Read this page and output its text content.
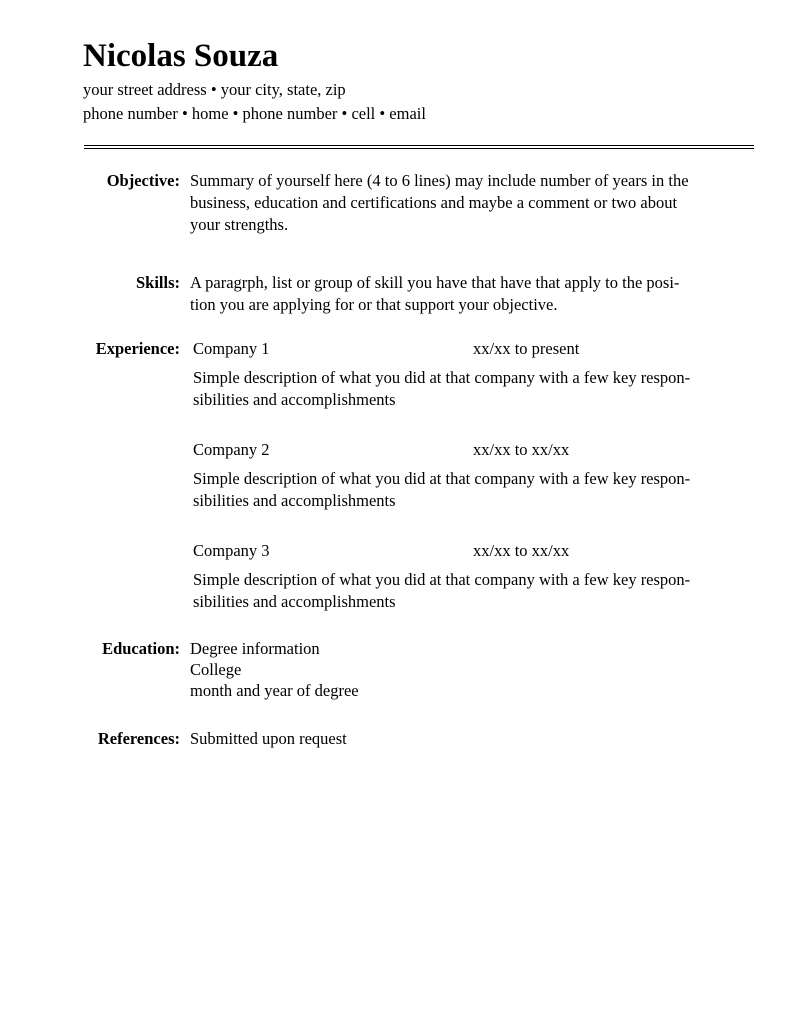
Nicolas Souza

your street address • your city, state, zip

phone number • home • phone number • cell • email

Objective: Summary of yourself here (4 to 6 lines) may include number of years in the
business, education and certifications and maybe a comment or two about
your strengths.
Skills: A paragrph, list or group of skill you have that have that apply to the posi-
tion you are applying for or that support your objective.
Experience: Company 1	xx/xx to present
Simple description of what you did at that company with a few key respon-
sibilities and accomplishments
Company 2	xx/xx to xx/xx
Simple description of what you did at that company with a few key respon-
sibilities and accomplishments
Company 3	xx/xx to xx/xx
Simple description of what you did at that company with a few key respon-
sibilities and accomplishments
Education: Degree information
College
month and year of degree
References: Submitted upon request
